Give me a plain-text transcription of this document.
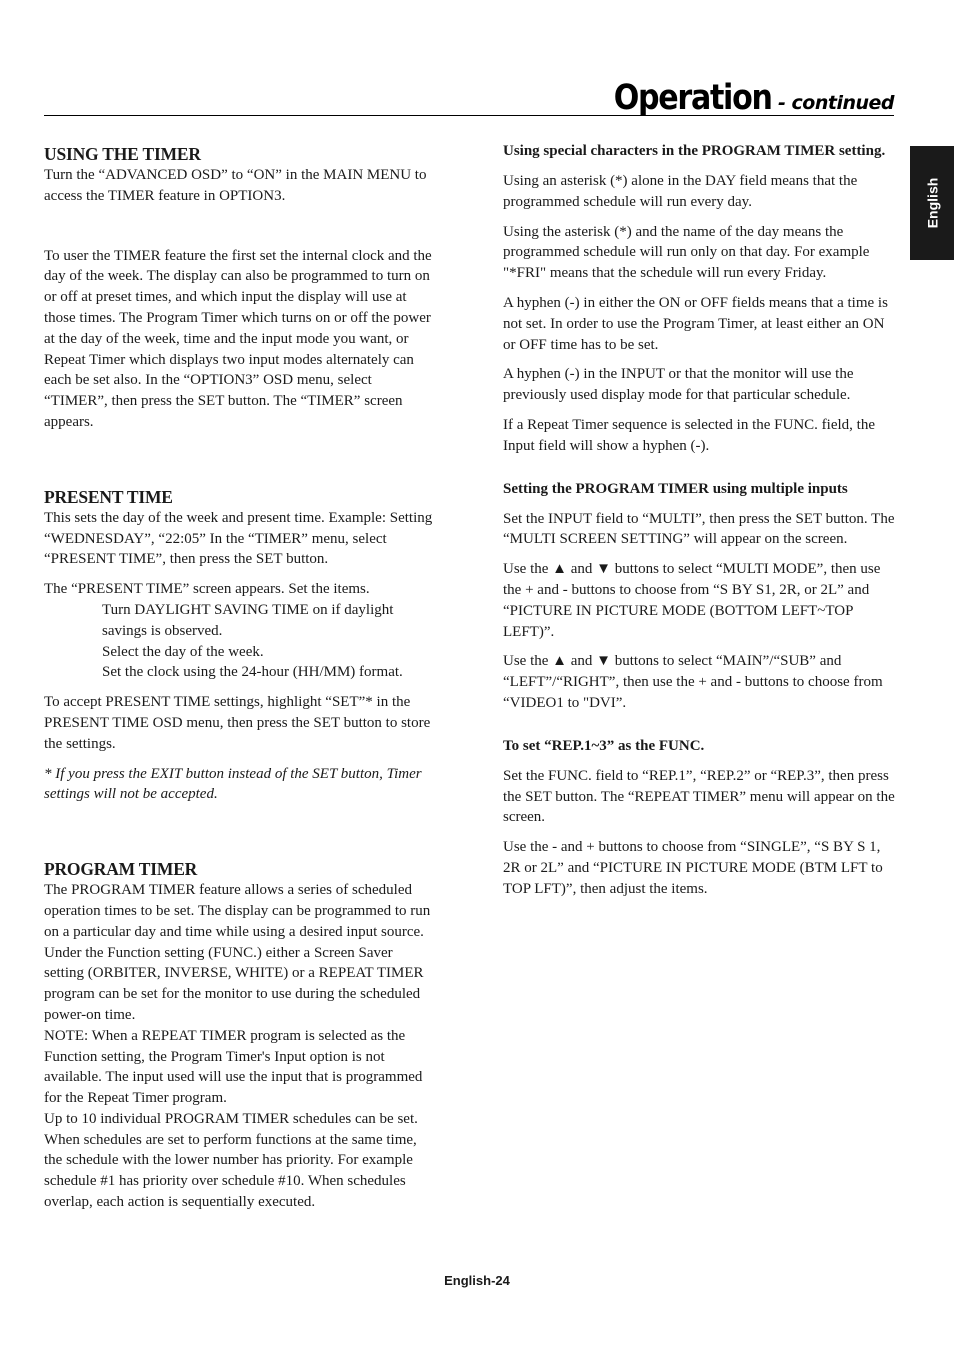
Operation - continued
English
USING THE TIMER

Turn the “ADVANCED OSD” to “ON” in the MAIN MENU to access the TIMER feature in OPTION3.

To user the TIMER feature the first set the internal clock and the day of the week. The display can also be programmed to turn on or off at preset times, and which input the display will use at those times. The Program Timer which turns on or off the power at the day of the week, time and the input mode you want, or Repeat Timer which displays two input modes alternately can each be set also. In the “OPTION3” OSD menu, select “TIMER”, then press the SET button. The “TIMER” screen appears.

PRESENT TIME

This sets the day of the week and present time. Example: Setting “WEDNESDAY”, “22:05” In the “TIMER” menu, select “PRESENT TIME”, then press the SET button.

The “PRESENT TIME” screen appears. Set the items.

Turn DAYLIGHT SAVING TIME on if daylight savings is observed.

Select the day of the week.

Set the clock using the 24-hour (HH/MM) format.

To accept PRESENT TIME settings, highlight “SET”* in the PRESENT TIME OSD menu, then press the SET button to store the settings.

* If you press the EXIT button instead of the SET button, Timer settings will not be accepted.

PROGRAM TIMER

The PROGRAM TIMER feature allows a series of scheduled operation times to be set. The display can be programmed to run on a particular day and time while using a desired input source. Under the Function setting (FUNC.) either a Screen Saver setting (ORBITER, INVERSE, WHITE) or a REPEAT TIMER program can be set for the monitor to use during the scheduled power-on time.

NOTE: When a REPEAT TIMER program is selected as the Function setting, the Program Timer's Input option is not available. The input used will use the input that is programmed for the Repeat Timer program.

Up to 10 individual PROGRAM TIMER schedules can be set. When schedules are set to perform functions at the same time, the schedule with the lower number has priority. For example schedule #1 has priority over schedule #10. When schedules overlap, each action is sequentially executed.

Using special characters in the PROGRAM TIMER setting.

Using an asterisk (*) alone in the DAY field means that the programmed schedule will run every day.

Using the asterisk (*) and the name of the day means the programmed schedule will run only on that day. For example "*FRI" means that the schedule will run every Friday.

A hyphen (-) in either the ON or OFF fields means that a time is not set. In order to use the Program Timer, at least either an ON or OFF time has to be set.

A hyphen (-) in the INPUT or that the monitor will use the previously used display mode for that particular schedule.

If a Repeat Timer sequence is selected in the FUNC. field, the Input field will show a hyphen (-).

Setting the PROGRAM TIMER using multiple inputs

Set the INPUT field to “MULTI”, then press the SET button. The “MULTI SCREEN SETTING” will appear on the screen.

Use the ▲ and ▼ buttons to select “MULTI MODE”, then use the + and - buttons to choose from “S BY S1, 2R, or 2L” and “PICTURE IN PICTURE MODE (BOTTOM LEFT~TOP LEFT)”.

Use the ▲ and ▼ buttons to select “MAIN”/“SUB” and “LEFT”/“RIGHT”, then use the + and - buttons to choose from “VIDEO1 to "DVI”.

To set “REP.1~3” as the FUNC.

Set the FUNC. field to “REP.1”, “REP.2” or “REP.3”, then press the SET button. The “REPEAT TIMER” menu will appear on the screen.

Use the - and + buttons to choose from “SINGLE”, “S BY S 1, 2R or 2L” and “PICTURE IN PICTURE MODE (BTM LFT to TOP LFT)”, then adjust the items.

English-24
